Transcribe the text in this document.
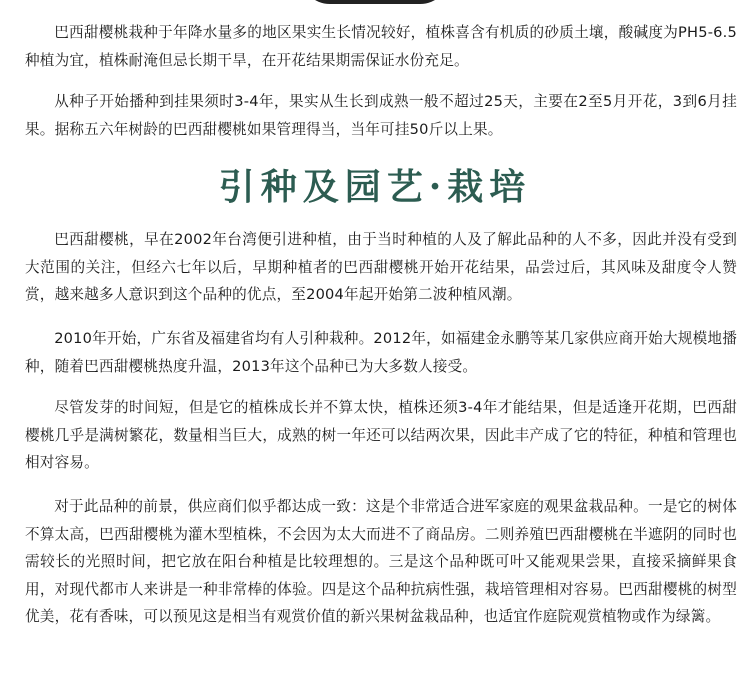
巴西甜樱桃栽种于年降水量多的地区果实生长情况较好，植株喜含有机质的砂质土壤，酸碱度为PH5-6.5种植为宜，植株耐淹但忌长期干旱，在开花结果期需保证水份充足。

从种子开始播种到挂果须时3-4年，果实从生长到成熟一般不超过25天，主要在2至5月开花，3到6月挂果。据称五六年树龄的巴西甜樱桃如果管理得当，当年可挂50斤以上果。

引种及园艺·栽培

巴西甜樱桃，早在2002年台湾便引进种植，由于当时种植的人及了解此品种的人不多，因此并没有受到大范围的关注，但经六七年以后，早期种植者的巴西甜樱桃开始开花结果，品尝过后，其风味及甜度令人赞赏，越来越多人意识到这个品种的优点，至2004年起开始第二波种植风潮。

2010年开始，广东省及福建省均有人引种栽种。2012年，如福建金永鹏等某几家供应商开始大规模地播种，随着巴西甜樱桃热度升温，2013年这个品种已为大多数人接受。

尽管发芽的时间短，但是它的植株成长并不算太快，植株还须3-4年才能结果，但是适逢开花期，巴西甜樱桃几乎是满树繁花，数量相当巨大，成熟的树一年还可以结两次果，因此丰产成了它的特征，种植和管理也相对容易。

对于此品种的前景，供应商们似乎都达成一致：这是个非常适合进军家庭的观果盆栽品种。一是它的树体不算太高，巴西甜樱桃为灌木型植株，不会因为太大而进不了商品房。二则养殖巴西甜樱桃在半遮阴的同时也需较长的光照时间，把它放在阳台种植是比较理想的。三是这个品种既可叶又能观果尝果，直接采摘鲜果食用，对现代都市人来讲是一种非常棒的体验。四是这个品种抗病性强，栽培管理相对容易。巴西甜樱桃的树型优美，花有香味，可以预见这是相当有观赏价值的新兴果树盆栽品种，也适宜作庭院观赏植物或作为绿篱。
